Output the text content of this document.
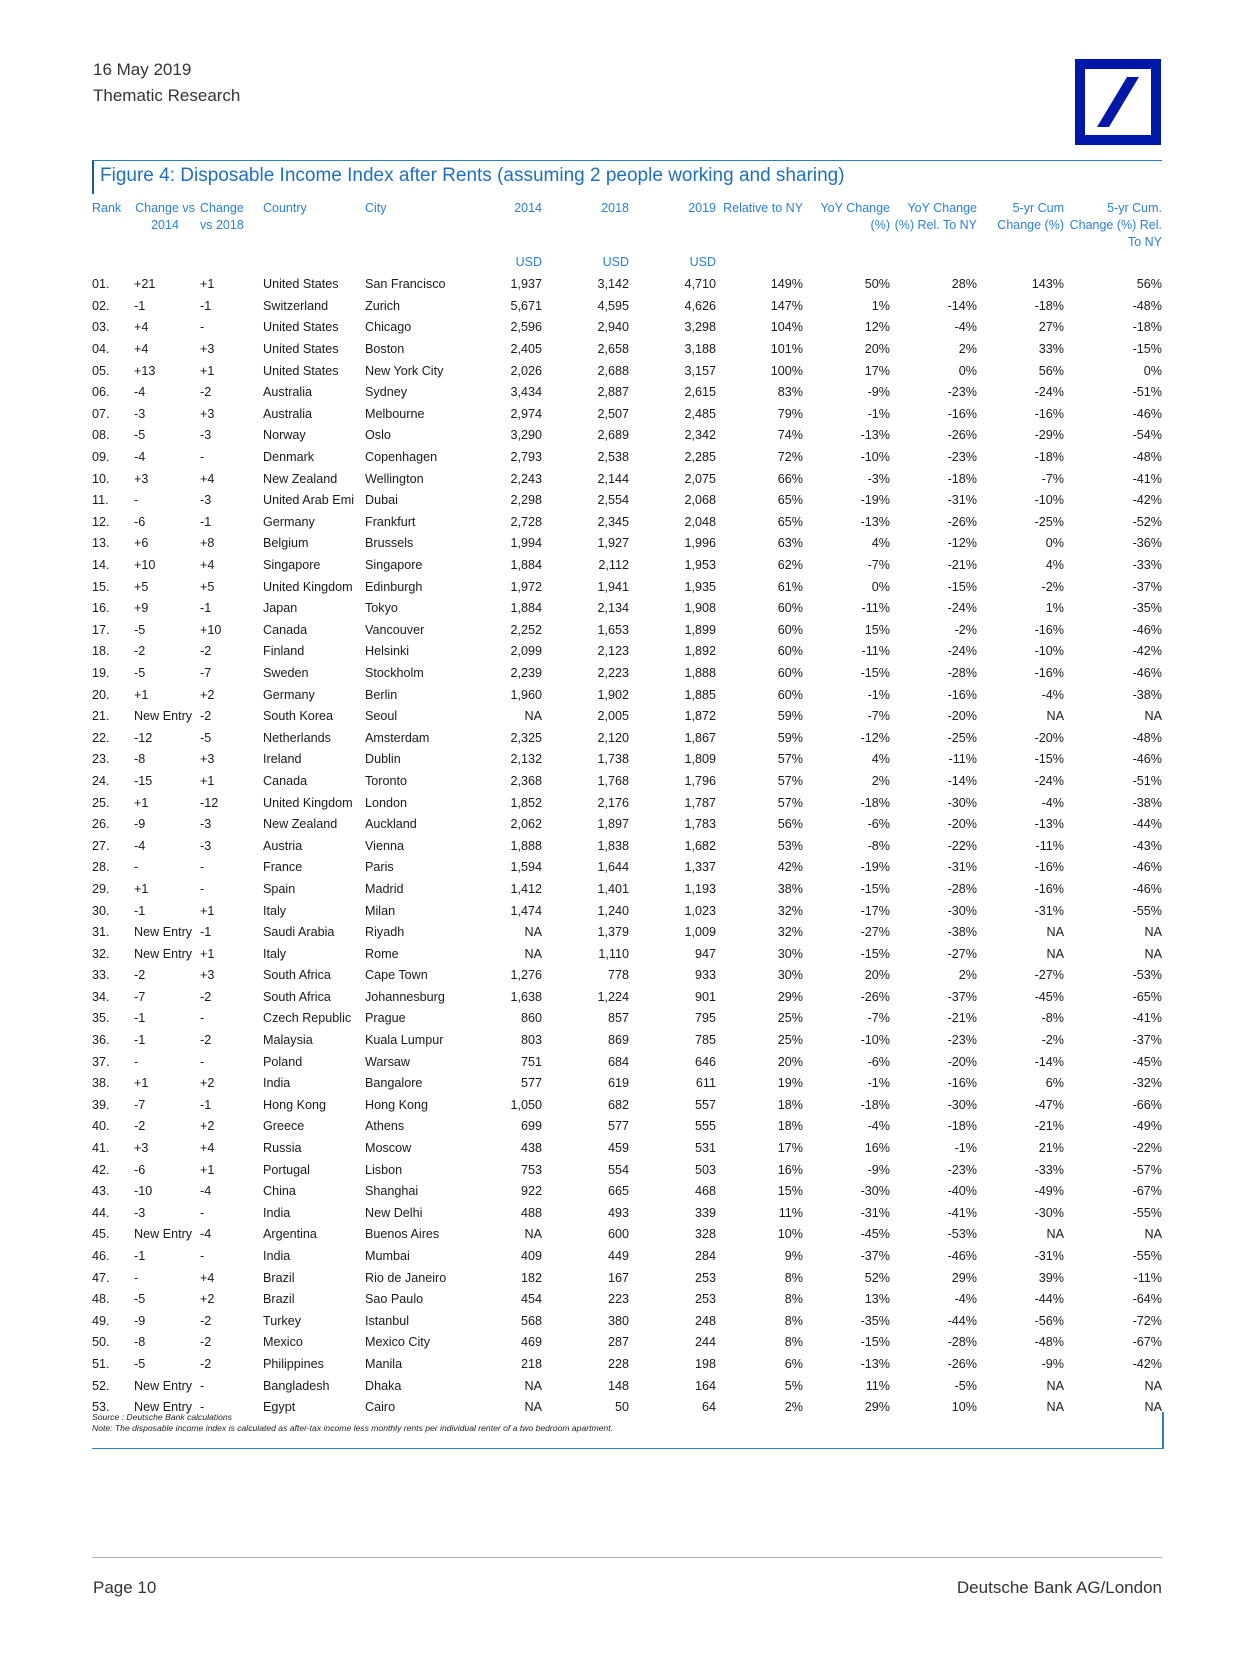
16 May 2019
Thematic Research
Figure 4: Disposable Income Index after Rents (assuming 2 people working and sharing)
Rank	Change vs 2014	Change vs 2018	Country	City	2014	2018	2019	Relative to NY	YoY Change (%)	YoY Change (%) Rel. To NY	5-yr Cum Change (%)	5-yr Cum. Change (%) Rel. To NY
					USD	USD	USD					
01.	+21	+1	United States	San Francisco	1,937	3,142	4,710	149%	50%	28%	143%	56%
02.	-1	-1	Switzerland	Zurich	5,671	4,595	4,626	147%	1%	-14%	-18%	-48%
03.	+4	-	United States	Chicago	2,596	2,940	3,298	104%	12%	-4%	27%	-18%
04.	+4	+3	United States	Boston	2,405	2,658	3,188	101%	20%	2%	33%	-15%
05.	+13	+1	United States	New York City	2,026	2,688	3,157	100%	17%	0%	56%	0%
06.	-4	-2	Australia	Sydney	3,434	2,887	2,615	83%	-9%	-23%	-24%	-51%
07.	-3	+3	Australia	Melbourne	2,974	2,507	2,485	79%	-1%	-16%	-16%	-46%
08.	-5	-3	Norway	Oslo	3,290	2,689	2,342	74%	-13%	-26%	-29%	-54%
09.	-4	-	Denmark	Copenhagen	2,793	2,538	2,285	72%	-10%	-23%	-18%	-48%
10.	+3	+4	New Zealand	Wellington	2,243	2,144	2,075	66%	-3%	-18%	-7%	-41%
11.	-	-3	United Arab Emi	Dubai	2,298	2,554	2,068	65%	-19%	-31%	-10%	-42%
12.	-6	-1	Germany	Frankfurt	2,728	2,345	2,048	65%	-13%	-26%	-25%	-52%
13.	+6	+8	Belgium	Brussels	1,994	1,927	1,996	63%	4%	-12%	0%	-36%
14.	+10	+4	Singapore	Singapore	1,884	2,112	1,953	62%	-7%	-21%	4%	-33%
15.	+5	+5	United Kingdom	Edinburgh	1,972	1,941	1,935	61%	0%	-15%	-2%	-37%
16.	+9	-1	Japan	Tokyo	1,884	2,134	1,908	60%	-11%	-24%	1%	-35%
17.	-5	+10	Canada	Vancouver	2,252	1,653	1,899	60%	15%	-2%	-16%	-46%
18.	-2	-2	Finland	Helsinki	2,099	2,123	1,892	60%	-11%	-24%	-10%	-42%
19.	-5	-7	Sweden	Stockholm	2,239	2,223	1,888	60%	-15%	-28%	-16%	-46%
20.	+1	+2	Germany	Berlin	1,960	1,902	1,885	60%	-1%	-16%	-4%	-38%
21.	New Entry	-2	South Korea	Seoul	NA	2,005	1,872	59%	-7%	-20%	NA	NA
22.	-12	-5	Netherlands	Amsterdam	2,325	2,120	1,867	59%	-12%	-25%	-20%	-48%
23.	-8	+3	Ireland	Dublin	2,132	1,738	1,809	57%	4%	-11%	-15%	-46%
24.	-15	+1	Canada	Toronto	2,368	1,768	1,796	57%	2%	-14%	-24%	-51%
25.	+1	-12	United Kingdom	London	1,852	2,176	1,787	57%	-18%	-30%	-4%	-38%
26.	-9	-3	New Zealand	Auckland	2,062	1,897	1,783	56%	-6%	-20%	-13%	-44%
27.	-4	-3	Austria	Vienna	1,888	1,838	1,682	53%	-8%	-22%	-11%	-43%
28.	-	-	France	Paris	1,594	1,644	1,337	42%	-19%	-31%	-16%	-46%
29.	+1	-	Spain	Madrid	1,412	1,401	1,193	38%	-15%	-28%	-16%	-46%
30.	-1	+1	Italy	Milan	1,474	1,240	1,023	32%	-17%	-30%	-31%	-55%
31.	New Entry	-1	Saudi Arabia	Riyadh	NA	1,379	1,009	32%	-27%	-38%	NA	NA
32.	New Entry	+1	Italy	Rome	NA	1,110	947	30%	-15%	-27%	NA	NA
33.	-2	+3	South Africa	Cape Town	1,276	778	933	30%	20%	2%	-27%	-53%
34.	-7	-2	South Africa	Johannesburg	1,638	1,224	901	29%	-26%	-37%	-45%	-65%
35.	-1	-	Czech Republic	Prague	860	857	795	25%	-7%	-21%	-8%	-41%
36.	-1	-2	Malaysia	Kuala Lumpur	803	869	785	25%	-10%	-23%	-2%	-37%
37.	-	-	Poland	Warsaw	751	684	646	20%	-6%	-20%	-14%	-45%
38.	+1	+2	India	Bangalore	577	619	611	19%	-1%	-16%	6%	-32%
39.	-7	-1	Hong Kong	Hong Kong	1,050	682	557	18%	-18%	-30%	-47%	-66%
40.	-2	+2	Greece	Athens	699	577	555	18%	-4%	-18%	-21%	-49%
41.	+3	+4	Russia	Moscow	438	459	531	17%	16%	-1%	21%	-22%
42.	-6	+1	Portugal	Lisbon	753	554	503	16%	-9%	-23%	-33%	-57%
43.	-10	-4	China	Shanghai	922	665	468	15%	-30%	-40%	-49%	-67%
44.	-3	-	India	New Delhi	488	493	339	11%	-31%	-41%	-30%	-55%
45.	New Entry	-4	Argentina	Buenos Aires	NA	600	328	10%	-45%	-53%	NA	NA
46.	-1	-	India	Mumbai	409	449	284	9%	-37%	-46%	-31%	-55%
47.	-	+4	Brazil	Rio de Janeiro	182	167	253	8%	52%	29%	39%	-11%
48.	-5	+2	Brazil	Sao Paulo	454	223	253	8%	13%	-4%	-44%	-64%
49.	-9	-2	Turkey	Istanbul	568	380	248	8%	-35%	-44%	-56%	-72%
50.	-8	-2	Mexico	Mexico City	469	287	244	8%	-15%	-28%	-48%	-67%
51.	-5	-2	Philippines	Manila	218	228	198	6%	-13%	-26%	-9%	-42%
52.	New Entry	-	Bangladesh	Dhaka	NA	148	164	5%	11%	-5%	NA	NA
53.	New Entry	-	Egypt	Cairo	NA	50	64	2%	29%	10%	NA	NA
Source : Deutsche Bank calculations
Note: The disposable income index is calculated as after-tax income less monthly rents per individual renter of a two bedroom apartment.
Page 10	Deutsche Bank AG/London
